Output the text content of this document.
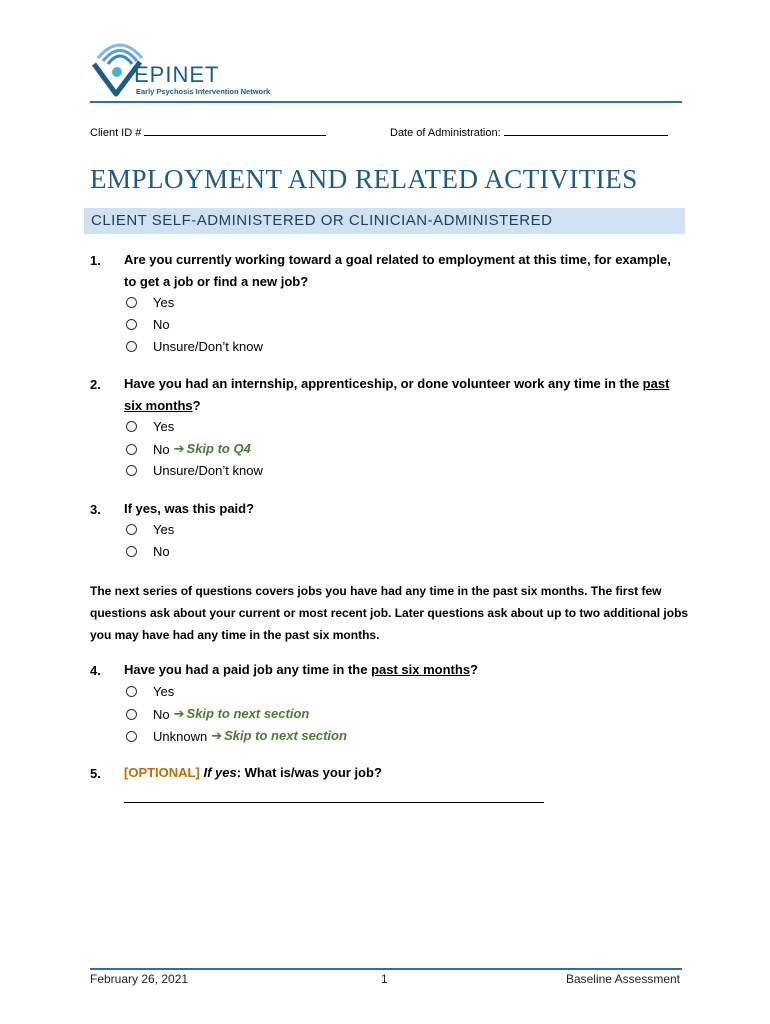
EPINET
Early Psychosis Intervention Network
Client ID #	Date of Administration:
EMPLOYMENT AND RELATED ACTIVITIES
CLIENT SELF-ADMINISTERED OR CLINICIAN-ADMINISTERED
1. Are you currently working toward a goal related to employment at this time, for example, to get a job or find a new job?
Yes
No
Unsure/Don’t know
2. Have you had an internship, apprenticeship, or done volunteer work any time in the past six months?
Yes
No ➔ Skip to Q4
Unsure/Don’t know
3. If yes, was this paid?
Yes
No
The next series of questions covers jobs you have had any time in the past six months. The first few questions ask about your current or most recent job. Later questions ask about up to two additional jobs you may have had any time in the past six months.
4. Have you had a paid job any time in the past six months?
Yes
No ➔ Skip to next section
Unknown ➔ Skip to next section
5. [OPTIONAL] If yes: What is/was your job?
February 26, 2021	1	Baseline Assessment
